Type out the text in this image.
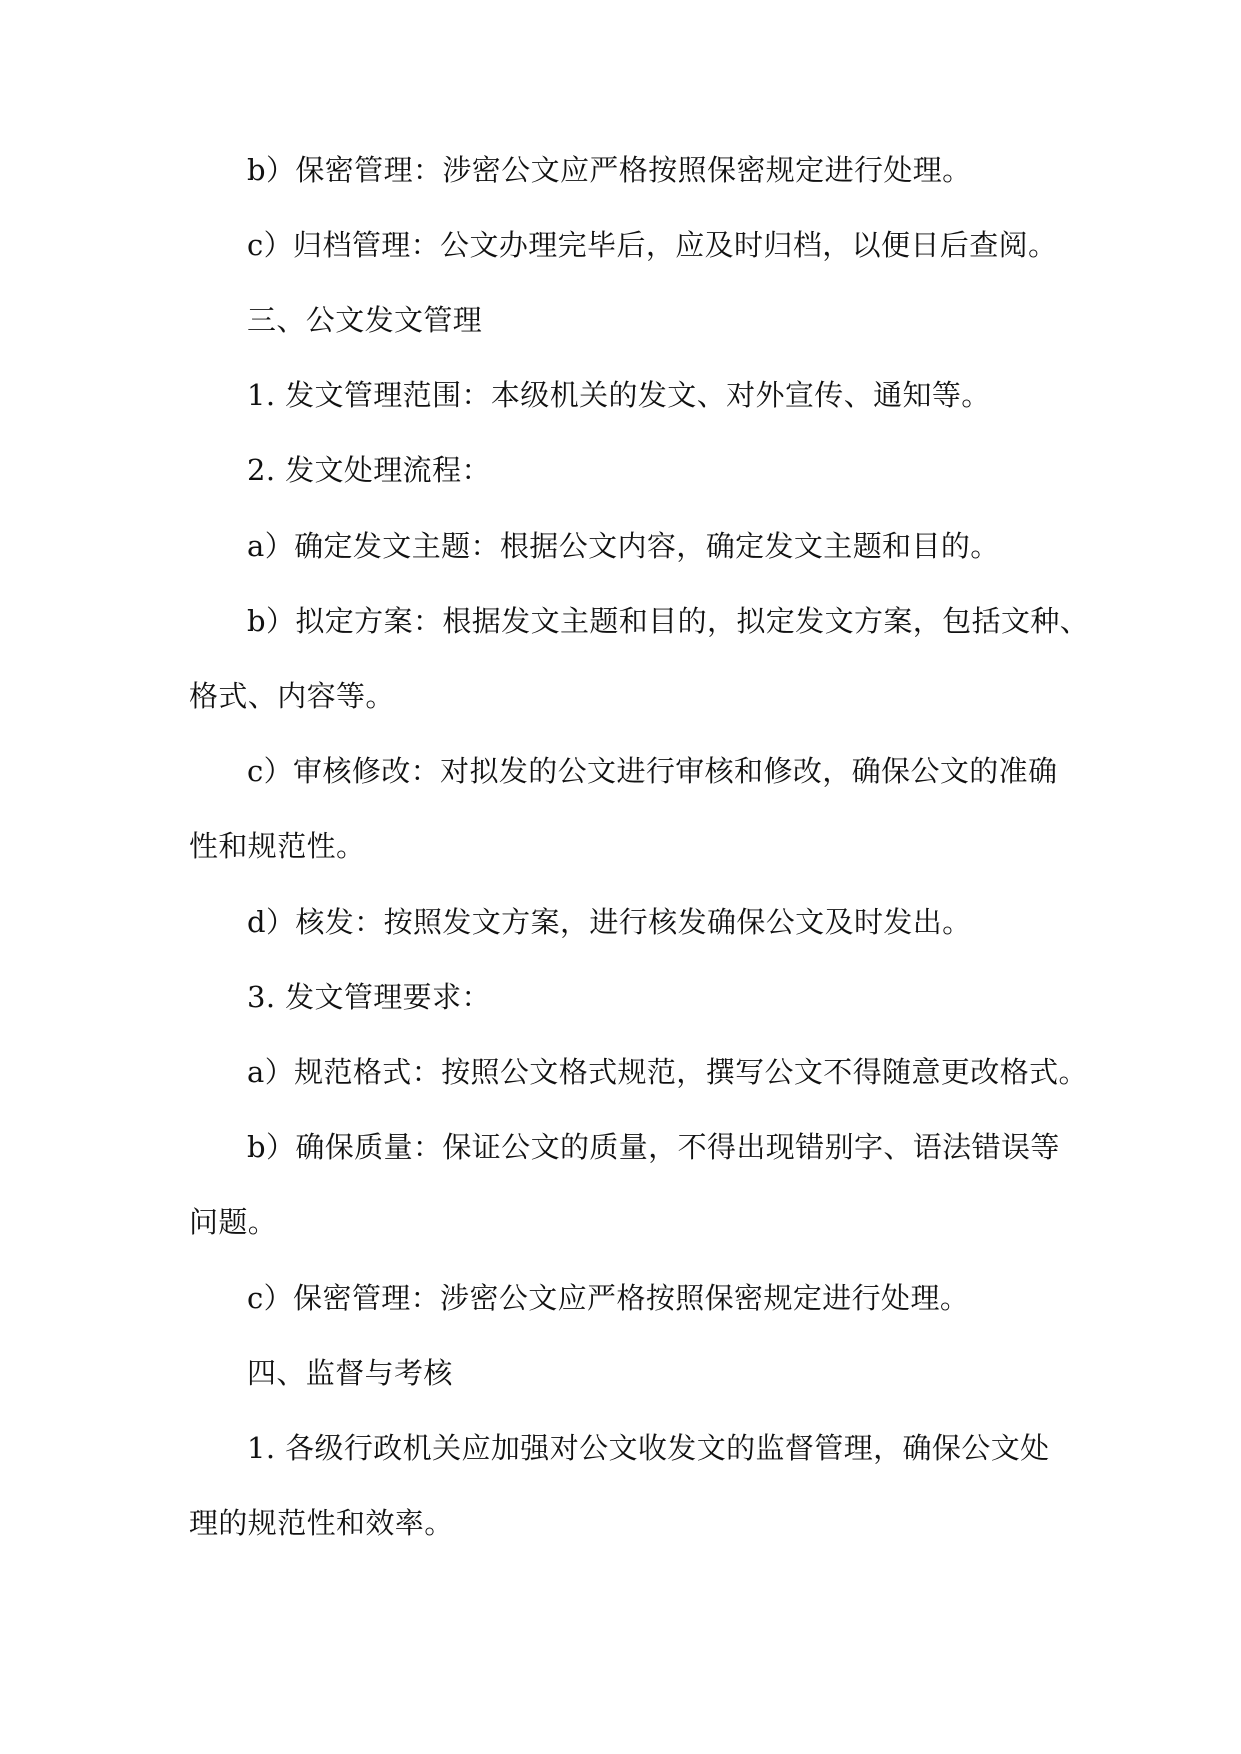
b）保密管理：涉密公文应严格按照保密规定进行处理。
c）归档管理：公文办理完毕后，应及时归档，以便日后查阅。
三、公文发文管理
1. 发文管理范围：本级机关的发文、对外宣传、通知等。
2. 发文处理流程：
a）确定发文主题：根据公文内容，确定发文主题和目的。
b）拟定方案：根据发文主题和目的，拟定发文方案，包括文种、
格式、内容等。
c）审核修改：对拟发的公文进行审核和修改，确保公文的准确
性和规范性。
d）核发：按照发文方案，进行核发确保公文及时发出。
3. 发文管理要求：
a）规范格式：按照公文格式规范，撰写公文不得随意更改格式。
b）确保质量：保证公文的质量，不得出现错别字、语法错误等
问题。
c）保密管理：涉密公文应严格按照保密规定进行处理。
四、监督与考核
1. 各级行政机关应加强对公文收发文的监督管理，确保公文处
理的规范性和效率。
